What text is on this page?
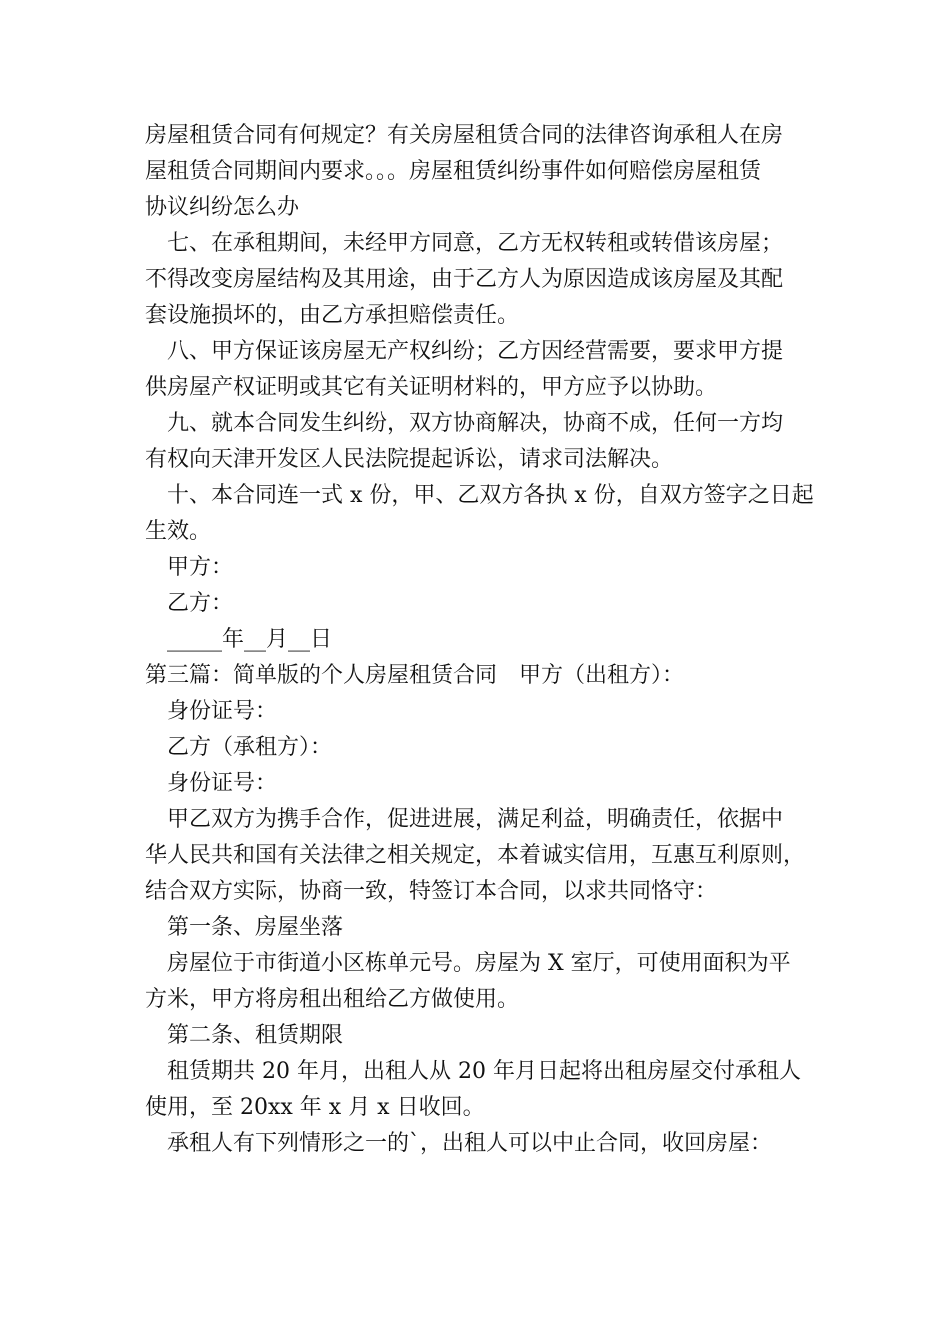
房屋租赁合同有何规定？有关房屋租赁合同的法律咨询承租人在房
屋租赁合同期间内要求。。。房屋租赁纠纷事件如何赔偿房屋租赁
协议纠纷怎么办
七、在承租期间，未经甲方同意，乙方无权转租或转借该房屋；
不得改变房屋结构及其用途，由于乙方人为原因造成该房屋及其配
套设施损坏的，由乙方承担赔偿责任。
八、甲方保证该房屋无产权纠纷；乙方因经营需要，要求甲方提
供房屋产权证明或其它有关证明材料的，甲方应予以协助。
九、就本合同发生纠纷，双方协商解决，协商不成，任何一方均
有权向天津开发区人民法院提起诉讼，请求司法解决。
十、本合同连一式 x 份，甲、乙双方各执 x 份，自双方签字之日起
生效。
甲方：
乙方：
_____年__月__日
第三篇：简单版的个人房屋租赁合同　甲方（出租方）：
身份证号：
乙方（承租方）：
身份证号：
甲乙双方为携手合作，促进进展，满足利益，明确责任，依据中
华人民共和国有关法律之相关规定，本着诚实信用，互惠互利原则，
结合双方实际，协商一致，特签订本合同，以求共同恪守：
第一条、房屋坐落
房屋位于市街道小区栋单元号。房屋为 X 室厅，可使用面积为平
方米，甲方将房租出租给乙方做使用。
第二条、租赁期限
租赁期共 20 年月，出租人从 20 年月日起将出租房屋交付承租人
使用，至 20xx 年 x 月 x 日收回。
承租人有下列情形之一的`，出租人可以中止合同，收回房屋：
